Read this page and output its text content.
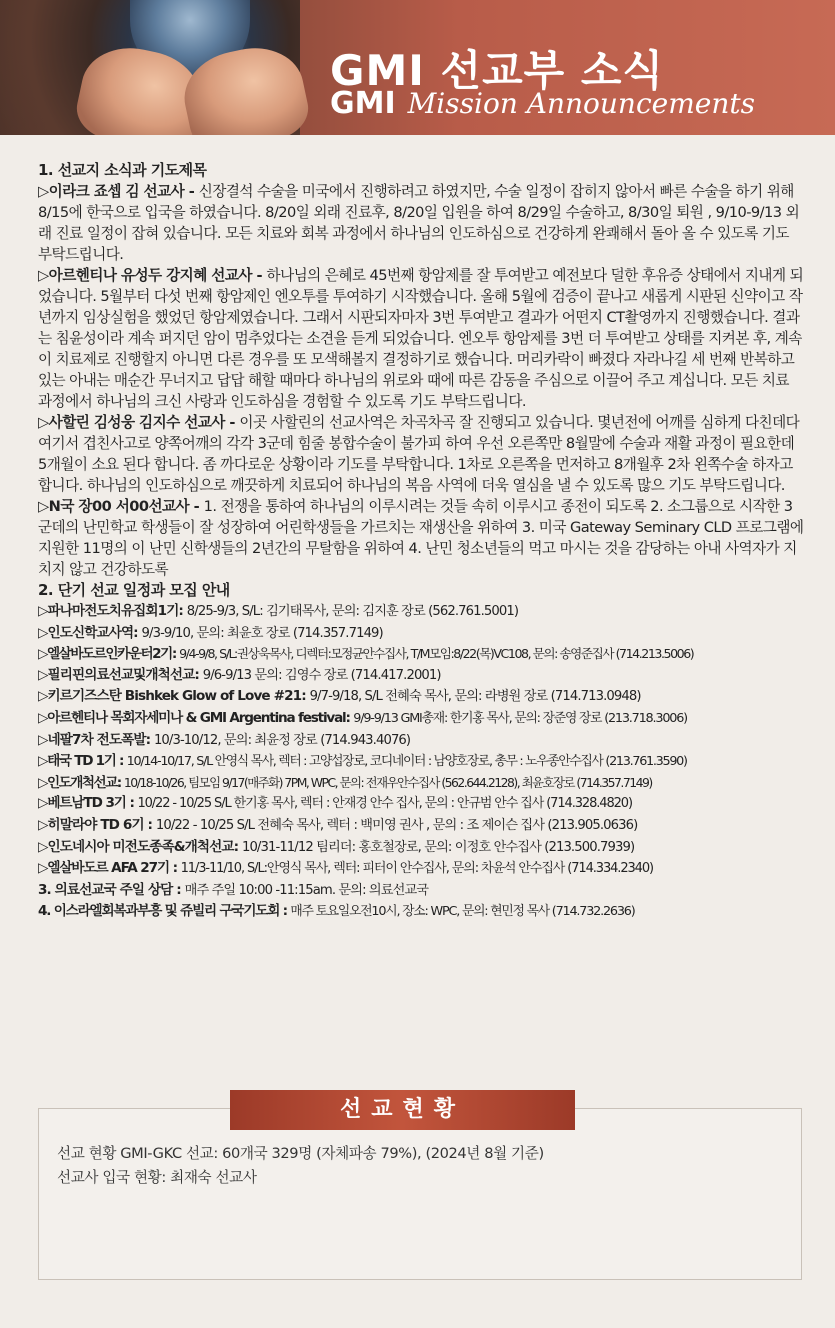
GMI 선교부 소식
GMI Mission Announcements
1. 선교지 소식과 기도제목

▷이라크 죠셉 김 선교사 - 신장결석 수술을 미국에서 진행하려고 하였지만, 수술 일정이 잡히지 않아서 빠른 수술을 하기 위해 8/15에 한국으로 입국을 하였습니다. 8/20일 외래 진료후, 8/20일 입원을 하여 8/29일 수술하고, 8/30일 퇴원 , 9/10-9/13 외래 진료 일정이 잡혀 있습니다. 모든 치료와 회복 과정에서 하나님의 인도하심으로 건강하게 완쾌해서 돌아 올 수 있도록 기도 부탁드립니다.

▷아르헨티나 유성두 강지혜 선교사 - 하나님의 은혜로 45번째 항암제를 잘 투여받고 예전보다 덜한 후유증 상태에서 지내게 되었습니다. 5월부터 다섯 번째 항암제인 엔오투를 투여하기 시작했습니다. 올해 5월에 검증이 끝나고 새롭게 시판된 신약이고 작년까지 임상실험을 했었던 항암제였습니다. 그래서 시판되자마자 3번 투여받고 결과가 어떤지 CT촬영까지 진행했습니다. 결과는 침윤성이라 계속 퍼지던 암이 멈추었다는 소견을 듣게 되었습니다. 엔오투 항암제를 3번 더 투여받고 상태를 지켜본 후, 계속 이 치료제로 진행할지 아니면 다른 경우를 또 모색해볼지 결정하기로 했습니다. 머리카락이 빠졌다 자라나길 세 번째 반복하고 있는 아내는 매순간 무너지고 답답 해할 때마다 하나님의 위로와 때에 따른 감동을 주심으로 이끌어 주고 계십니다. 모든 치료 과정에서 하나님의 크신 사랑과 인도하심을 경험할 수 있도록 기도 부탁드립니다.

▷사할린 김성웅 김지수 선교사 - 이곳 사할린의 선교사역은 차곡차곡 잘 진행되고 있습니다. 몇년전에 어깨를 심하게 다친데다 여기서 겹친사고로 양쪽어깨의 각각 3군데 힘줄 봉합수술이 불가피 하여 우선 오른쪽만 8월말에 수술과 재활 과정이 필요한데 5개월이 소요 된다 합니다. 좀 까다로운 상황이라 기도를 부탁합니다. 1차로 오른쪽을 먼저하고 8개월후 2차 왼쪽수술 하자고합니다. 하나님의 인도하심으로 깨끗하게 치료되어 하나님의 복음 사역에 더욱 열심을 낼 수 있도록 많으 기도 부탁드립니다.

▷N국 장00 서00선교사 - 1. 전쟁을 통하여 하나님의 이루시려는 것들 속히 이루시고 종전이 되도록 2. 소그룹으로 시작한 3군데의 난민학교 학생들이 잘 성장하여 어린학생들을 가르치는 재생산을 위하여 3. 미국 Gateway Seminary CLD 프로그램에 지원한 11명의 이 난민 신학생들의 2년간의 무탈함을 위하여 4. 난민 청소년들의 먹고 마시는 것을 감당하는 아내 사역자가 지치지 않고 건강하도록

2. 단기 선교 일정과 모집 안내

▷파나마전도치유집회1기: 8/25-9/3, S/L: 김기태목사, 문의: 김지훈 장로 (562.761.5001)

▷인도신학교사역: 9/3-9/10, 문의: 최윤호 장로 (714.357.7149)

▷엘살바도르인카운터2기: 9/4-9/8, S/L:권상욱목사, 디렉터:모정균안수집사, T/M모임:8/22(목)VC108, 문의: 송영준집사 (714.213.5006)

▷필리핀의료선교및개척선교: 9/6-9/13 문의: 김영수 장로 (714.417.2001)

▷키르기즈스탄 Bishkek Glow of Love #21: 9/7-9/18, S/L 전혜숙 목사, 문의: 라병원 장로 (714.713.0948)

▷아르헨티나 목회자세미나 & GMI Argentina festival: 9/9-9/13 GMI총재: 한기홍 목사, 문의: 장준영 장로 (213.718.3006)

▷네팔7차 전도폭발: 10/3-10/12, 문의: 최윤정 장로 (714.943.4076)

▷태국 TD 1기 : 10/14-10/17, S/L 안영식 목사, 렉터 : 고양섭장로, 코디네이터 : 남양호장로, 총무 : 노우종안수집사 (213.761.3590)

▷인도개척선교: 10/18-10/26, 팀모임 9/17(매주화) 7PM, WPC, 문의: 전재우안수집사 (562.644.2128), 최윤호장로 (714.357.7149)

▷베트남TD 3기 : 10/22 - 10/25 S/L 한기홍 목사, 렉터 : 안재경 안수 집사, 문의 : 안규범 안수 집사 (714.328.4820)

▷히말라야 TD 6기 : 10/22 - 10/25 S/L 전혜숙 목사, 렉터 : 백미영 권사 , 문의 : 조 제이슨 집사 (213.905.0636)

▷인도네시아 미전도종족&개척선교: 10/31-11/12 팀리더: 홍호철장로, 문의: 이정호 안수집사 (213.500.7939)

▷엘살바도르 AFA 27기 : 11/3-11/10, S/L:안영식 목사, 렉터: 피터이 안수집사, 문의: 차윤석 안수집사 (714.334.2340)

3. 의료선교국 주일 상담 : 매주 주일 10:00 -11:15am. 문의: 의료선교국

4. 이스라엘회복과부흥 및 쥬빌리 구국기도회 : 매주 토요일오전10시, 장소: WPC, 문의: 현민정 목사 (714.732.2636)

선교현황
선교 현황 GMI-GKC 선교: 60개국 329명 (자체파송 79%), (2024년 8월 기준)
선교사 입국 현황: 최재숙 선교사
